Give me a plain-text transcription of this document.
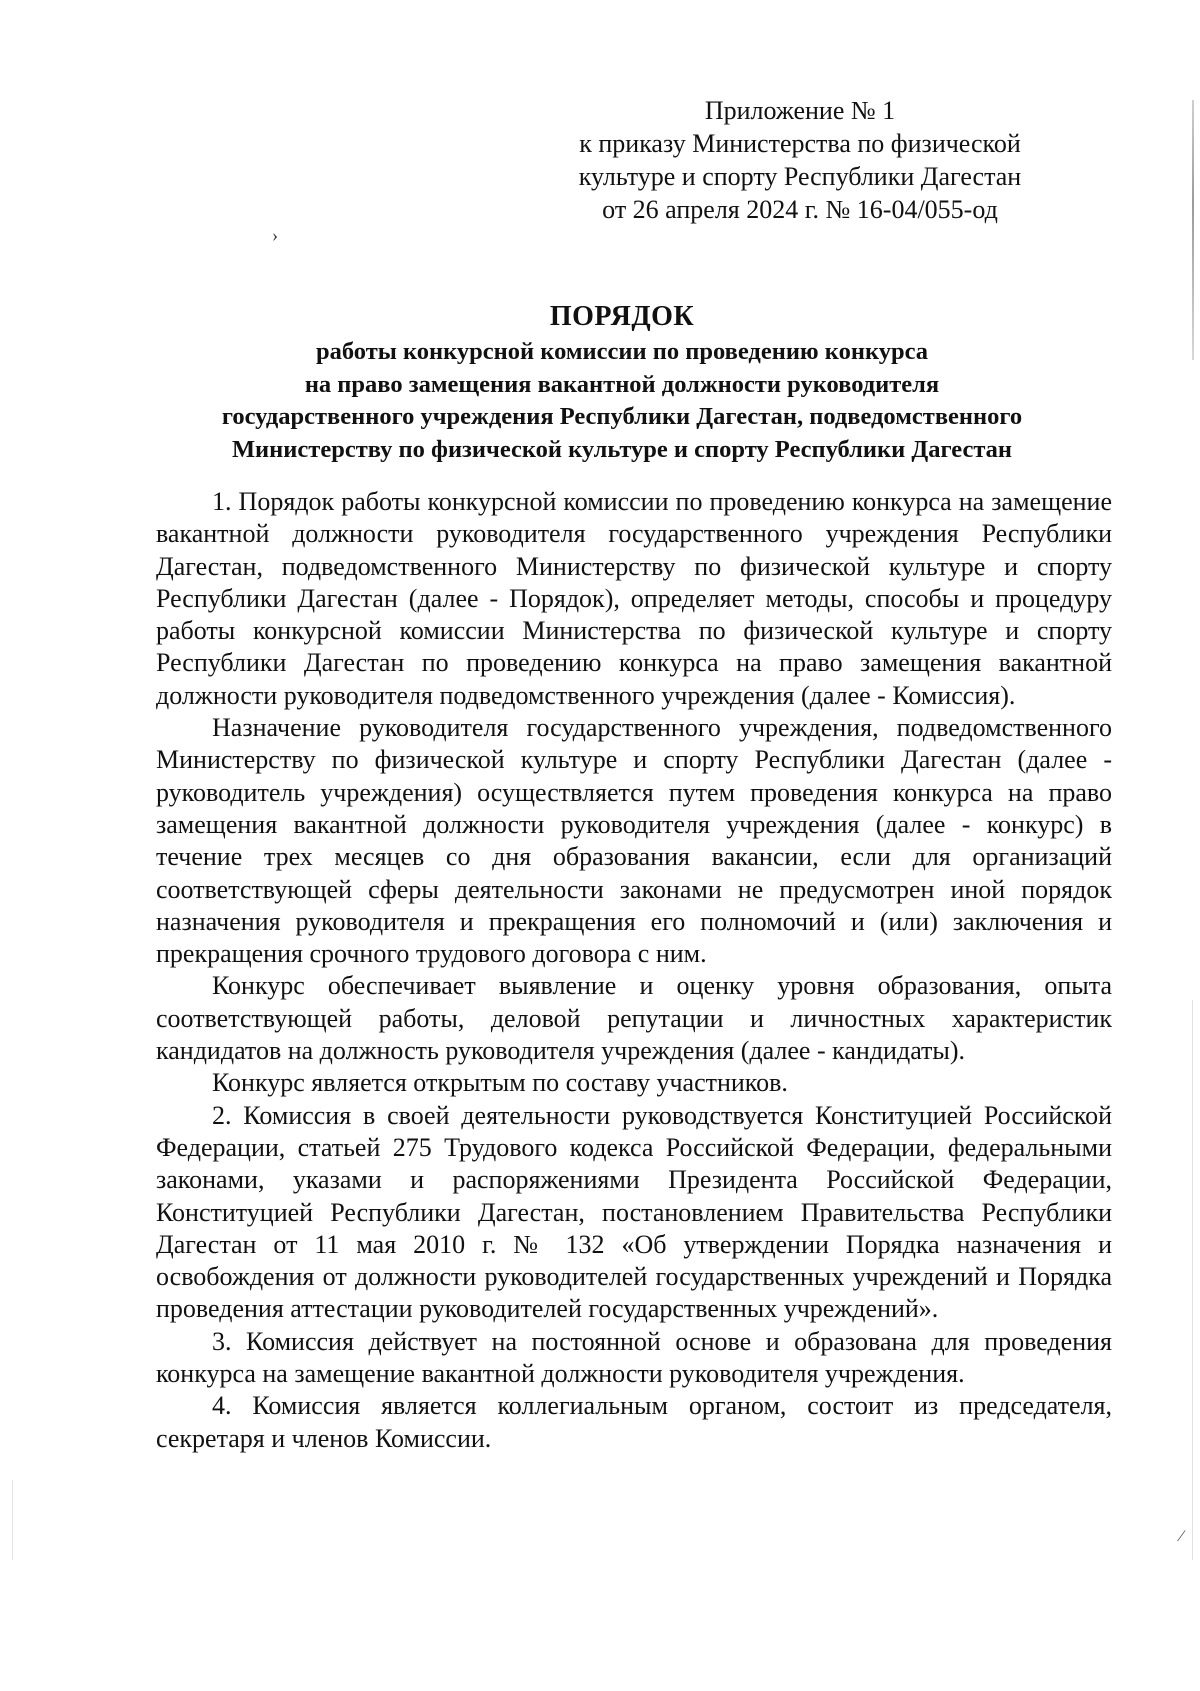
›
⁄
Приложение № 1
к приказу Министерства по физической
культуре и спорту Республики Дагестан
от 26 апреля 2024 г. № 16-04/055-од
ПОРЯДОК
работы конкурсной комиссии по проведению конкурса
на право замещения вакантной должности руководителя
государственного учреждения Республики Дагестан, подведомственного
Министерству по физической культуре и спорту Республики Дагестан

1. Порядок работы конкурсной комиссии по проведению конкурса на замещение вакантной должности руководителя государственного учреждения Республики Дагестан, подведомственного Министерству по физической культуре и спорту Республики Дагестан (далее - Порядок), определяет методы, способы и процедуру работы конкурсной комиссии Министерства по физической культуре и спорту Республики Дагестан по проведению конкурса на право замещения вакантной должности руководителя подведомственного учреждения (далее - Комиссия).

Назначение руководителя государственного учреждения, подведомственного Министерству по физической культуре и спорту Республики Дагестан (далее - руководитель учреждения) осуществляется путем проведения конкурса на право замещения вакантной должности руководителя учреждения (далее - конкурс) в течение трех месяцев со дня образования вакансии, если для организаций соответствующей сферы деятельности законами не предусмотрен иной порядок назначения руководителя и прекращения его полномочий и (или) заключения и прекращения срочного трудового договора с ним.

Конкурс обеспечивает выявление и оценку уровня образования, опыта соответствующей работы, деловой репутации и личностных характеристик кандидатов на должность руководителя учреждения (далее - кандидаты).

Конкурс является открытым по составу участников.

2. Комиссия в своей деятельности руководствуется Конституцией Российской Федерации, статьей 275 Трудового кодекса Российской Федерации, федеральными законами, указами и распоряжениями Президента Российской Федерации, Конституцией Республики Дагестан, постановлением Правительства Республики Дагестан от 11 мая 2010 г. № 132 «Об утверждении Порядка назначения и освобождения от должности руководителей государственных учреждений и Порядка проведения аттестации руководителей государственных учреждений».

3. Комиссия действует на постоянной основе и образована для проведения конкурса на замещение вакантной должности руководителя учреждения.

4. Комиссия является коллегиальным органом, состоит из председателя, секретаря и членов Комиссии.
